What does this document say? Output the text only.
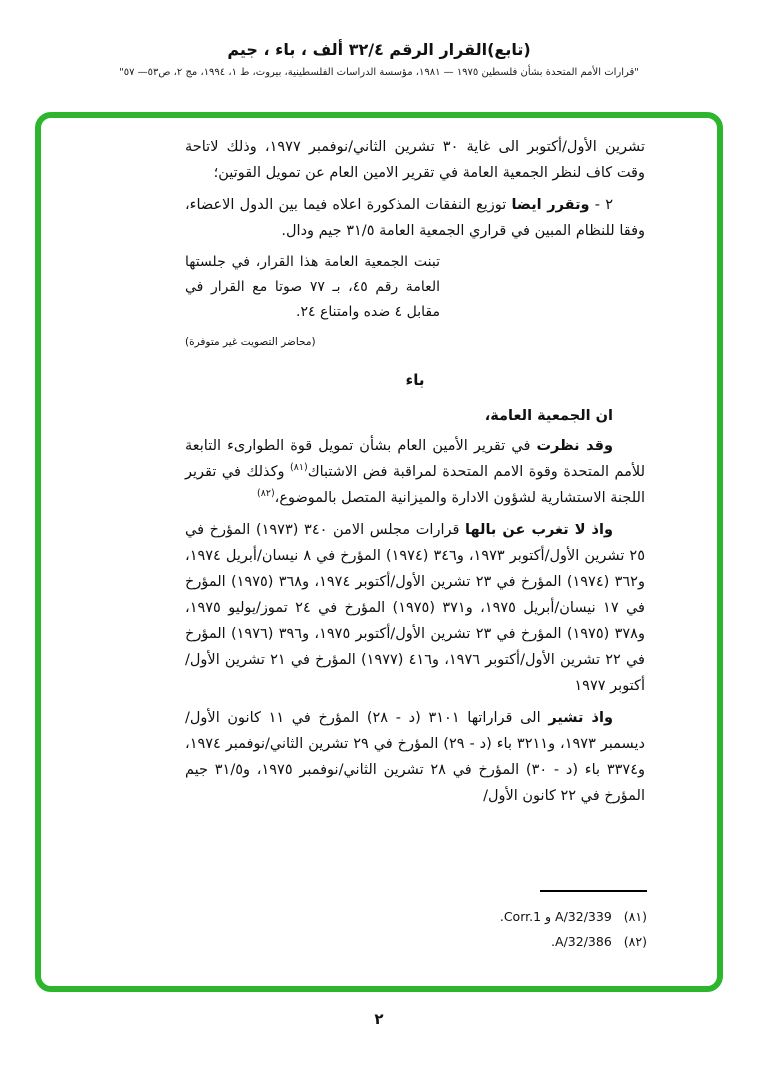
(تابع)القرار الرقم ٣٢/٤ ألف ، باء ، جيم
"قرارات الأمم المتحدة بشأن فلسطين ١٩٧٥ — ١٩٨١، مؤسسة الدراسات الفلسطينية، بيروت، ط ١، ١٩٩٤، مج ٢، ص٥٣— ٥٧"

تشرين الأول/أكتوبر الى غاية ٣٠ تشرين الثاني/نوفمبر ١٩٧٧، وذلك لاتاحة وقت كاف لنظر الجمعية العامة في تقرير الامين العام عن تمويل القوتين؛

٢ - وتقرر ايضا توزيع النفقات المذكورة اعلاه فيما بين الدول الاعضاء، وفقا للنظام المبين في قراري الجمعية العامة ٣١/٥ جيم ودال.

تبنت الجمعية العامة هذا القرار، في جلستها العامة رقم ٤٥، بـ ٧٧ صوتا مع القرار في مقابل ٤ ضده وامتناع ٢٤.

(محاضر التصويت غير متوفرة)

باء

ان الجمعية العامة،

وقد نظرت في تقرير الأمين العام بشأن تمويل قوة الطوارىء التابعة للأمم المتحدة وقوة الامم المتحدة لمراقبة فض الاشتباك$^{(٨١)}$ وكذلك في تقرير اللجنة الاستشارية لشؤون الادارة والميزانية المتصل بالموضوع،$^{(٨٢)}$

واذ لا تغرب عن بالها قرارات مجلس الامن ٣٤٠ (١٩٧٣) المؤرخ في ٢٥ تشرين الأول/أكتوبر ١٩٧٣، و٣٤٦ (١٩٧٤) المؤرخ في ٨ نيسان/أبريل ١٩٧٤، و٣٦٢ (١٩٧٤) المؤرخ في ٢٣ تشرين الأول/أكتوبر ١٩٧٤، و٣٦٨ (١٩٧٥) المؤرخ في ١٧ نيسان/أبريل ١٩٧٥، و٣٧١ (١٩٧٥) المؤرخ في ٢٤ تموز/يوليو ١٩٧٥، و٣٧٨ (١٩٧٥) المؤرخ في ٢٣ تشرين الأول/أكتوبر ١٩٧٥، و٣٩٦ (١٩٧٦) المؤرخ في ٢٢ تشرين الأول/أكتوبر ١٩٧٦، و٤١٦ (١٩٧٧) المؤرخ في ٢١ تشرين الأول/أكتوبر ١٩٧٧

واذ تشير الى قراراتها ٣١٠١ (د - ٢٨) المؤرخ في ١١ كانون الأول/ديسمبر ١٩٧٣، و٣٢١١ باء (د - ٢٩) المؤرخ في ٢٩ تشرين الثاني/نوفمبر ١٩٧٤، و٣٣٧٤ باء (د - ٣٠) المؤرخ في ٢٨ تشرين الثاني/نوفمبر ١٩٧٥، و٣١/٥ جيم المؤرخ في ٢٢ كانون الأول/

(٨١)A/32/339 و Corr.1.
(٨٢)A/32/386.
٢
